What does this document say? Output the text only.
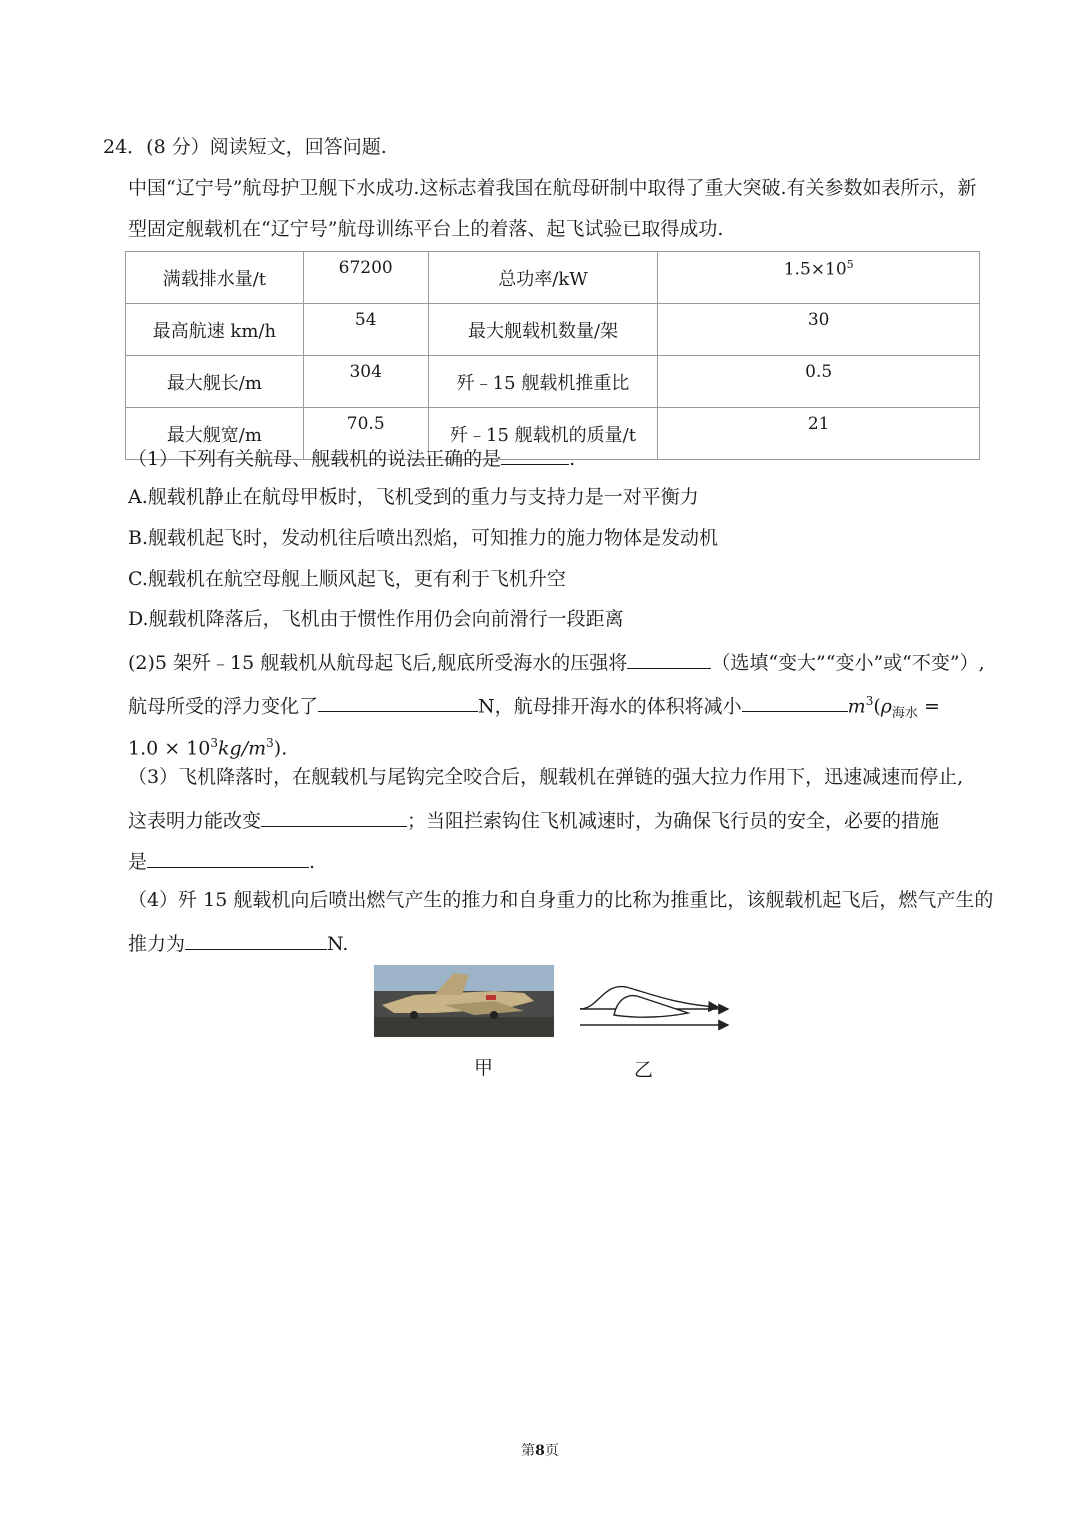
24．(8 分）阅读短文，回答问题.
中国“辽宁号”航母护卫舰下水成功.这标志着我国在航母研制中取得了重大突破.有关参数如表所示，新
型固定舰载机在“辽宁号”航母训练平台上的着落、起飞试验已取得成功.
满载排水量/t	67200	总功率/kW	$1.5\times 10^5$
最高航速 km/h	54	最大舰载机数量/架	30
最大舰长/m	304	歼﹣15 舰载机推重比	0.5
最大舰宽/m	70.5	歼﹣15 舰载机的质量/t	21
（1）下列有关航母、舰载机的说法正确的是	.
A.舰载机静止在航母甲板时，飞机受到的重力与支持力是一对平衡力
B.舰载机起飞时，发动机往后喷出烈焰，可知推力的施力物体是发动机
C.舰载机在航空母舰上顺风起飞，更有利于飞机升空
D.舰载机降落后，飞机由于惯性作用仍会向前滑行一段距离
(2)5 架歼﹣15 舰载机从航母起飞后,舰底所受海水的压强将	（选填“变大”“变小”或“不变”）,
航母所受的浮力变化了	N，航母排开海水的体积将减小	$m^3(\rho_{海水}$ =
$1.0 \times 10^3kg/m^3$).
（3）飞机降落时，在舰载机与尾钩完全咬合后，舰载机在弹链的强大拉力作用下，迅速减速而停止,
这表明力能改变	；当阻拦索钩住飞机减速时，为确保飞行员的安全，必要的措施
是	.
（4）歼 15 舰载机向后喷出燃气产生的推力和自身重力的比称为推重比，该舰载机起飞后，燃气产生的
推力为	N.
甲	乙
第8页
